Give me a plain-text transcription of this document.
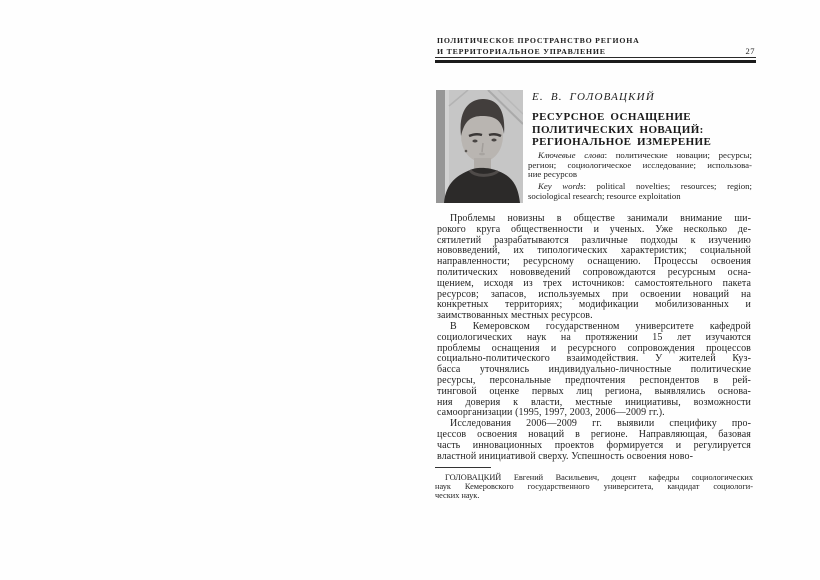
ПОЛИТИЧЕСКОЕ ПРОСТРАНСТВО РЕГИОНА
И ТЕРРИТОРИАЛЬНОЕ УПРАВЛЕНИЕ	27
Е. В. ГОЛОВАЦКИЙ
РЕСУРСНОЕ ОСНАЩЕНИЕ
ПОЛИТИЧЕСКИХ НОВАЦИЙ:
РЕГИОНАЛЬНОЕ ИЗМЕРЕНИЕ
Ключевые слова: политические новации; ресурсы;
регион; социологическое исследование; использова-
ние ресурсов
Key words: political novelties; resources; region;
sociological research; resource exploitation
Проблемы новизны в обществе занимали внимание ши-
рокого круга общественности и ученых. Уже несколько де-
сятилетий разрабатываются различные подходы к изучению
нововведений, их типологических характеристик; социальной
направленности; ресурсному оснащению. Процессы освоения
политических нововведений сопровождаются ресурсным осна-
щением, исходя из трех источников: самостоятельного пакета
ресурсов; запасов, используемых при освоении новаций на
конкретных территориях; модификации мобилизованных и
заимствованных местных ресурсов.
В Кемеровском государственном университете кафедрой
социологических наук на протяжении 15 лет изучаются
проблемы оснащения и ресурсного сопровождения процессов
социально-политического взаимодействия. У жителей Куз-
басса уточнялись индивидуально-личностные политические
ресурсы, персональные предпочтения респондентов в рей-
тинговой оценке первых лиц региона, выявлялись основа-
ния доверия к власти, местные инициативы, возможности
самоорганизации (1995, 1997, 2003, 2006—2009 гг.).
Исследования 2006—2009 гг. выявили специфику про-
цессов освоения новаций в регионе. Направляющая, базовая
часть инновационных проектов формируется и регулируется
властной инициативой сверху. Успешность освоения ново-
ГОЛОВАЦКИЙ Евгений Васильевич, доцент кафедры социологических
наук Кемеровского государственного университета, кандидат социологи-
ческих наук.
